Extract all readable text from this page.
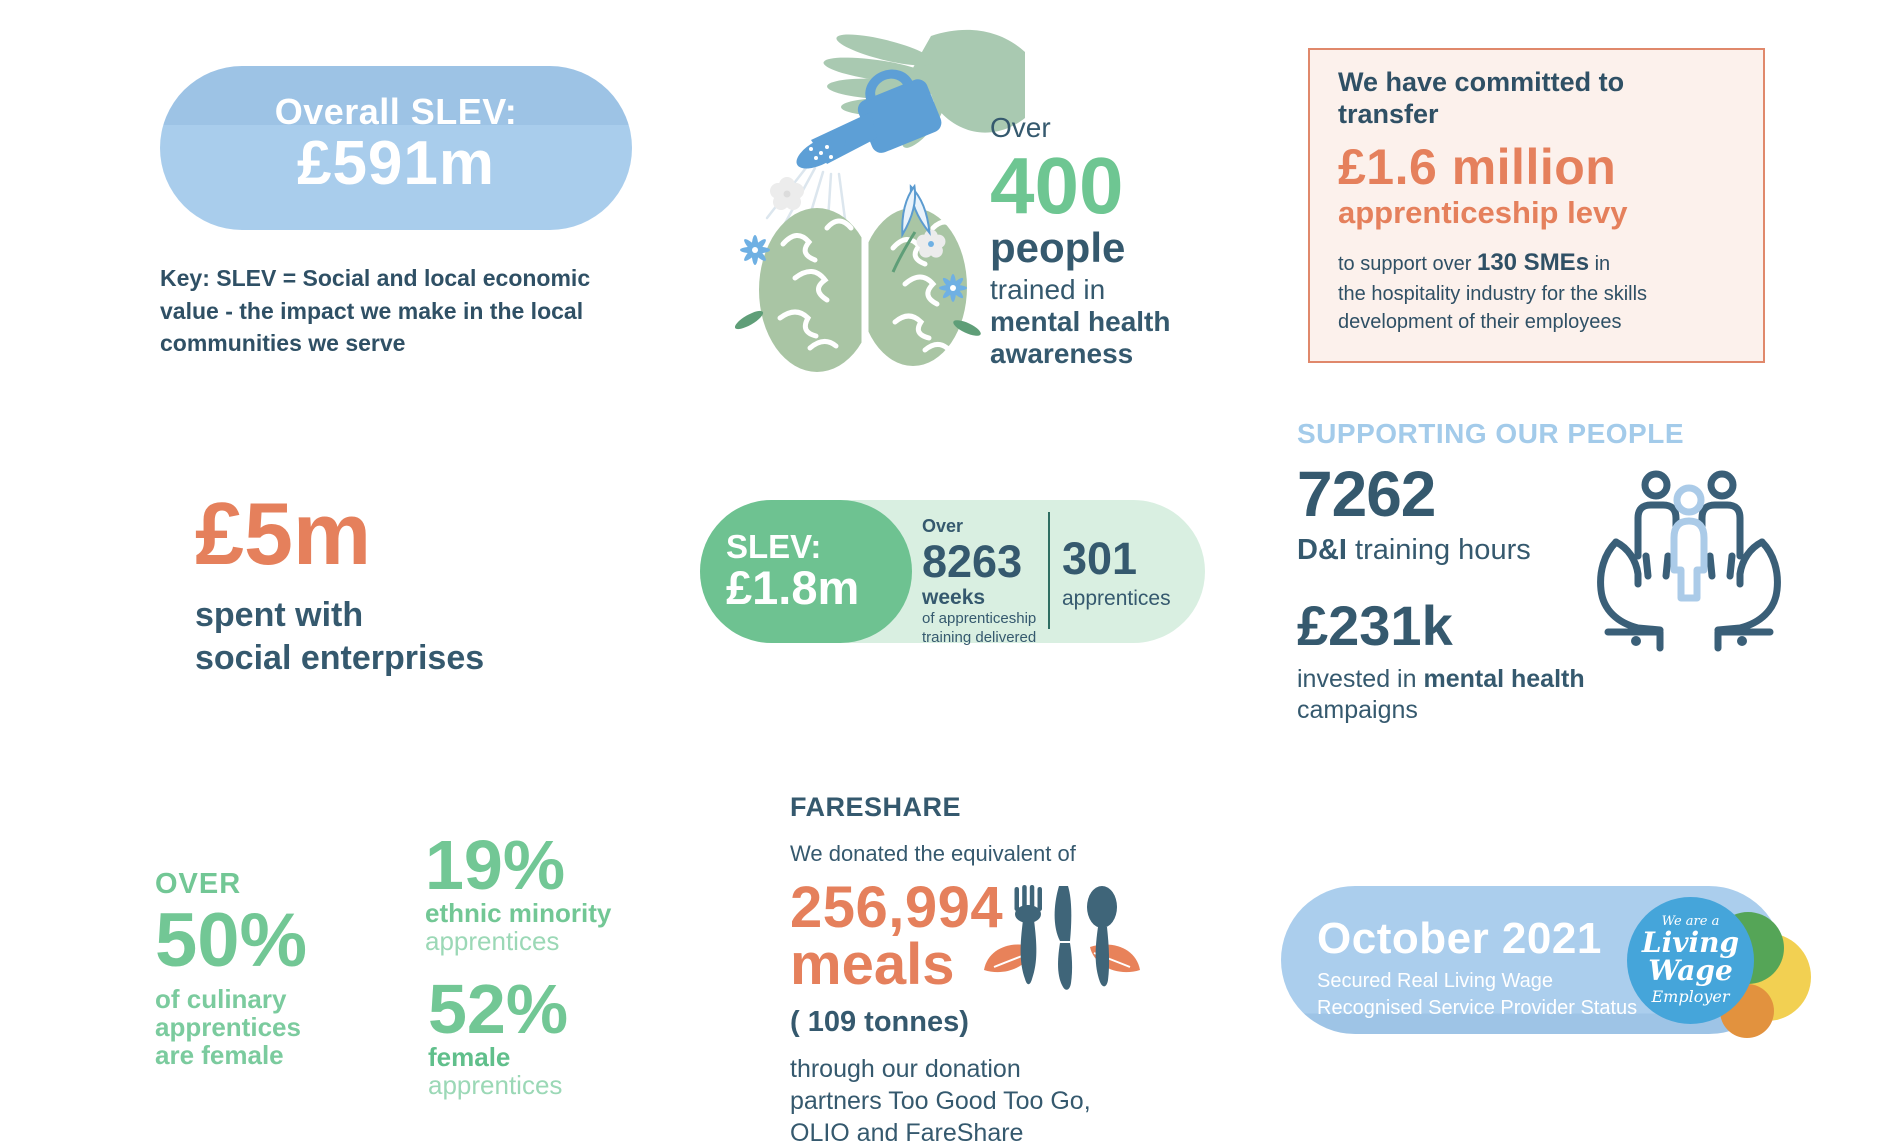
Overall SLEV:
£591m
Key: SLEV = Social and local economic
value - the impact we make in the local
communities we serve
Over
400
people
trained in
mental health
awareness
We have committed to
transfer
£1.6 million
apprenticeship levy
to support over 130 SMEs in
the hospitality industry for the skills
development of their employees
£5m
spent with
social enterprises
SLEV:
£1.8m
Over
8263
weeks
of apprenticeship
training delivered
301
apprentices
SUPPORTING OUR PEOPLE
7262
D&I training hours
£231k
invested in mental health
campaigns
OVER
50%
of culinary
apprentices
are female
19%
ethnic minority
apprentices
52%
female
apprentices
FARESHARE
We donated the equivalent of
256,994
meals
( 109 tonnes)
through our donation
partners Too Good Too Go,
OLIO and FareShare
October 2021
Secured Real Living Wage
Recognised Service Provider Status
We are a
Living
Wage
Employer
